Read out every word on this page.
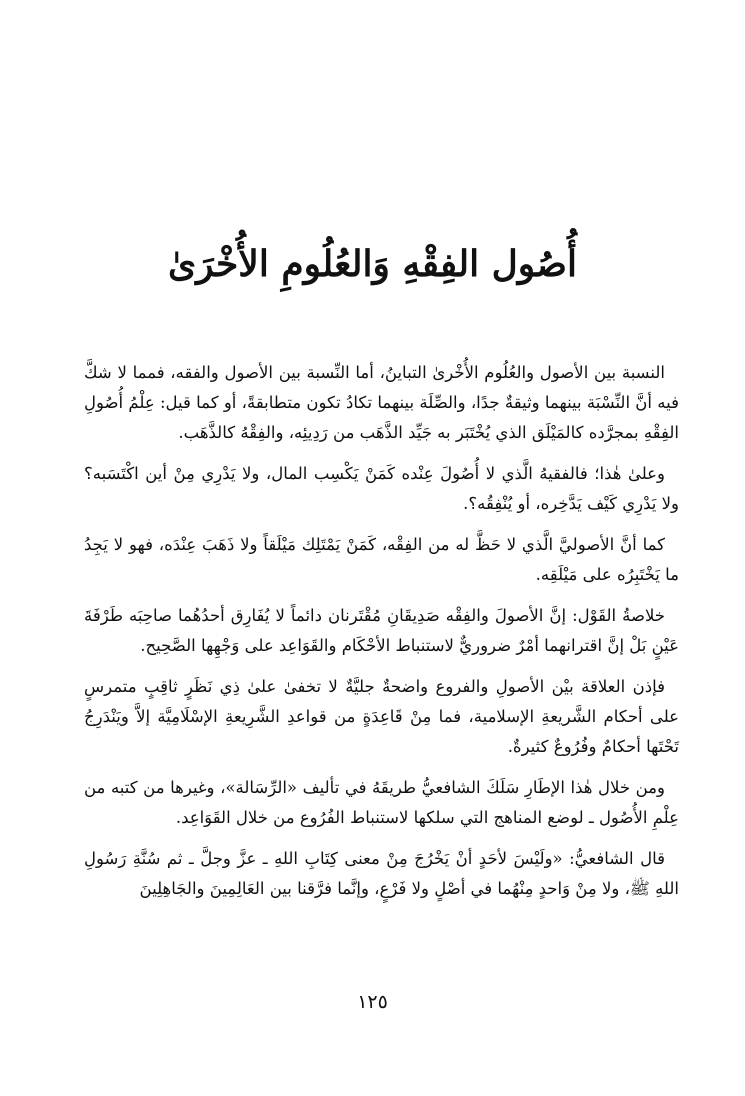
أُصُول الفِقْهِ وَالعُلُومِ الأُخْرَىٰ

النسبة بين الأصول والعُلُوم الأُخْرىٰ التباينُ، أما النِّسبة بين الأصول والفقه، فمما لا شكَّ فيه أنَّ النِّسْبَة بينهما وثيقةٌ جدًا، والصِّلَة بينهما تكادُ تكون متطابقةً، أو كما قيل: عِلْمُ أُصُولِ الفِقْهِ بمجرَّده كالمَيْلَق الذي يُخْتَبَر به جَيِّد الذَّهَب من رَدِيئِه، والفِقْهُ كالذَّهَب.

وعلىٰ هٰذا؛ فالفقيهُ الَّذي لا أُصُولَ عِنْده كَمَنْ يَكْسِب المال، ولا يَدْرِي مِنْ أين اكْتَسَبه؟ ولا يَدْرِي كَيْف يَدَّخِره، أو يُنْفِقُه؟.

كما أنَّ الأصوليَّ الَّذي لا حَظَّ له من الفِقْه، كَمَنْ يَمْتَلِك مَيْلَقاً ولا ذَهَبَ عِنْدَه، فهو لا يَجِدُ ما يَخْتَبِرُه على مَيْلَقِه.

خلاصةُ القَوْل: إنَّ الأصولَ والفِقْه صَدِيقَانِ مُقْتَرنان دائماً لا يُفَارِق أحدُهُما صاحِبَه طَرْفَةَ عَيْنٍ بَلْ إنَّ اقترانهما أمْرٌ ضروريٌّ لاستنباط الأحْكَام والقَوَاعِد على وَجْهِها الصَّحِيح.

فإذن العلاقة بيْن الأصولِ والفروع واضحةٌ جليَّةٌ لا تخفىٰ علىٰ ذِي نَظَرٍ ثاقِبٍ متمرسٍ على أحكام الشَّريعةِ الإسلامية، فما مِنْ قَاعِدَةٍ من قواعدِ الشَّرِيعةِ الإسْلَامِيَّة إلاَّ ويَنْدَرِجُ تَحْتَها أحكامٌ وفُرُوعٌ كثيرةٌ.

ومن خلال هٰذا الإطَارِ سَلَكَ الشافعيُّ طريقَهُ في تأليف «الرِّسَالة»، وغيرها من كتبه من عِلْمِ الأُصُول ـ لوضع المناهج التي سلكها لاستنباط الفُرُوع من خلال القَوَاعِد.

قال الشافعيُّ: «ولَيْسَ لأحَدٍ أنْ يَخْرُجَ مِنْ معنى كِتَابِ اللهِ ـ عزَّ وجلَّ ـ ثم سُنَّةِ رَسُولِ اللهِ ﷺ، ولا مِنْ وَاحدٍ مِنْهُما في أصْلٍ ولا فَرْعٍ، وإنَّما فرَّقنا بين العَالِمِينَ والجَاهِلِينَ

١٢٥
